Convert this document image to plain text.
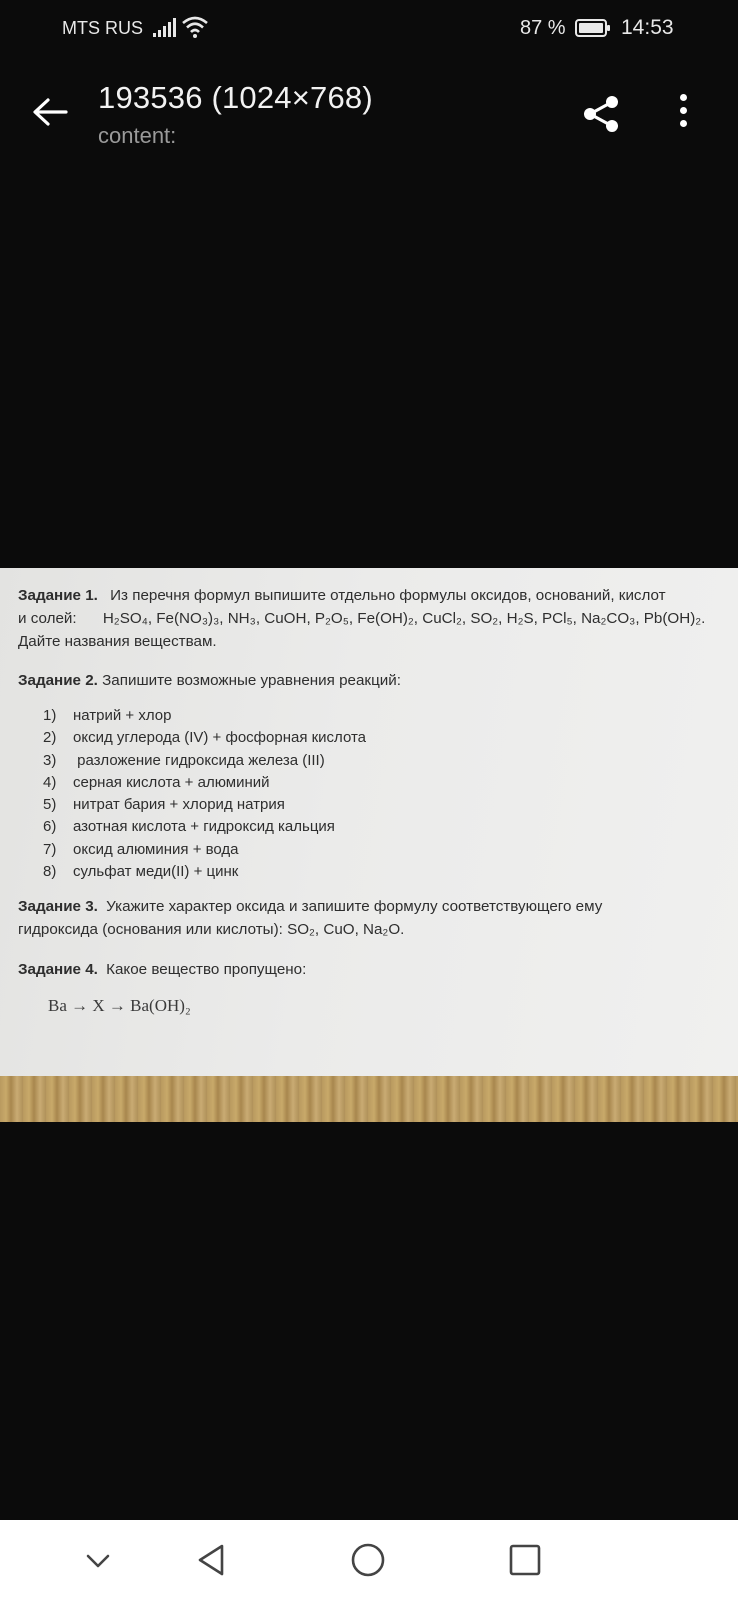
MTS RUS	87 %	14:53
193536 (1024×768)
content:
Задание 1. Из перечня формул выпишите отдельно формулы оксидов, оснований, кислот
и солей: H₂SO₄, Fe(NO₃)₃, NH₃, CuOH, P₂O₅, Fe(OH)₂, CuCl₂, SO₂, H₂S, PCl₅, Na₂CO₃, Pb(OH)₂.
Дайте названия веществам.
Задание 2. Запишите возможные уравнения реакций:
1) натрий + хлор
2) оксид углерода (IV) + фосфорная кислота
3) разложение гидроксида железа (III)
4) серная кислота + алюминий
5) нитрат бария + хлорид натрия
6) азотная кислота + гидроксид кальция
7) оксид алюминия + вода
8) сульфат меди(II) + цинк
Задание 3. Укажите характер оксида и запишите формулу соответствующего ему
гидроксида (основания или кислоты): SO₂, CuO, Na₂O.
Задание 4. Какое вещество пропущено:
Ba → X → Ba(OH)₂
